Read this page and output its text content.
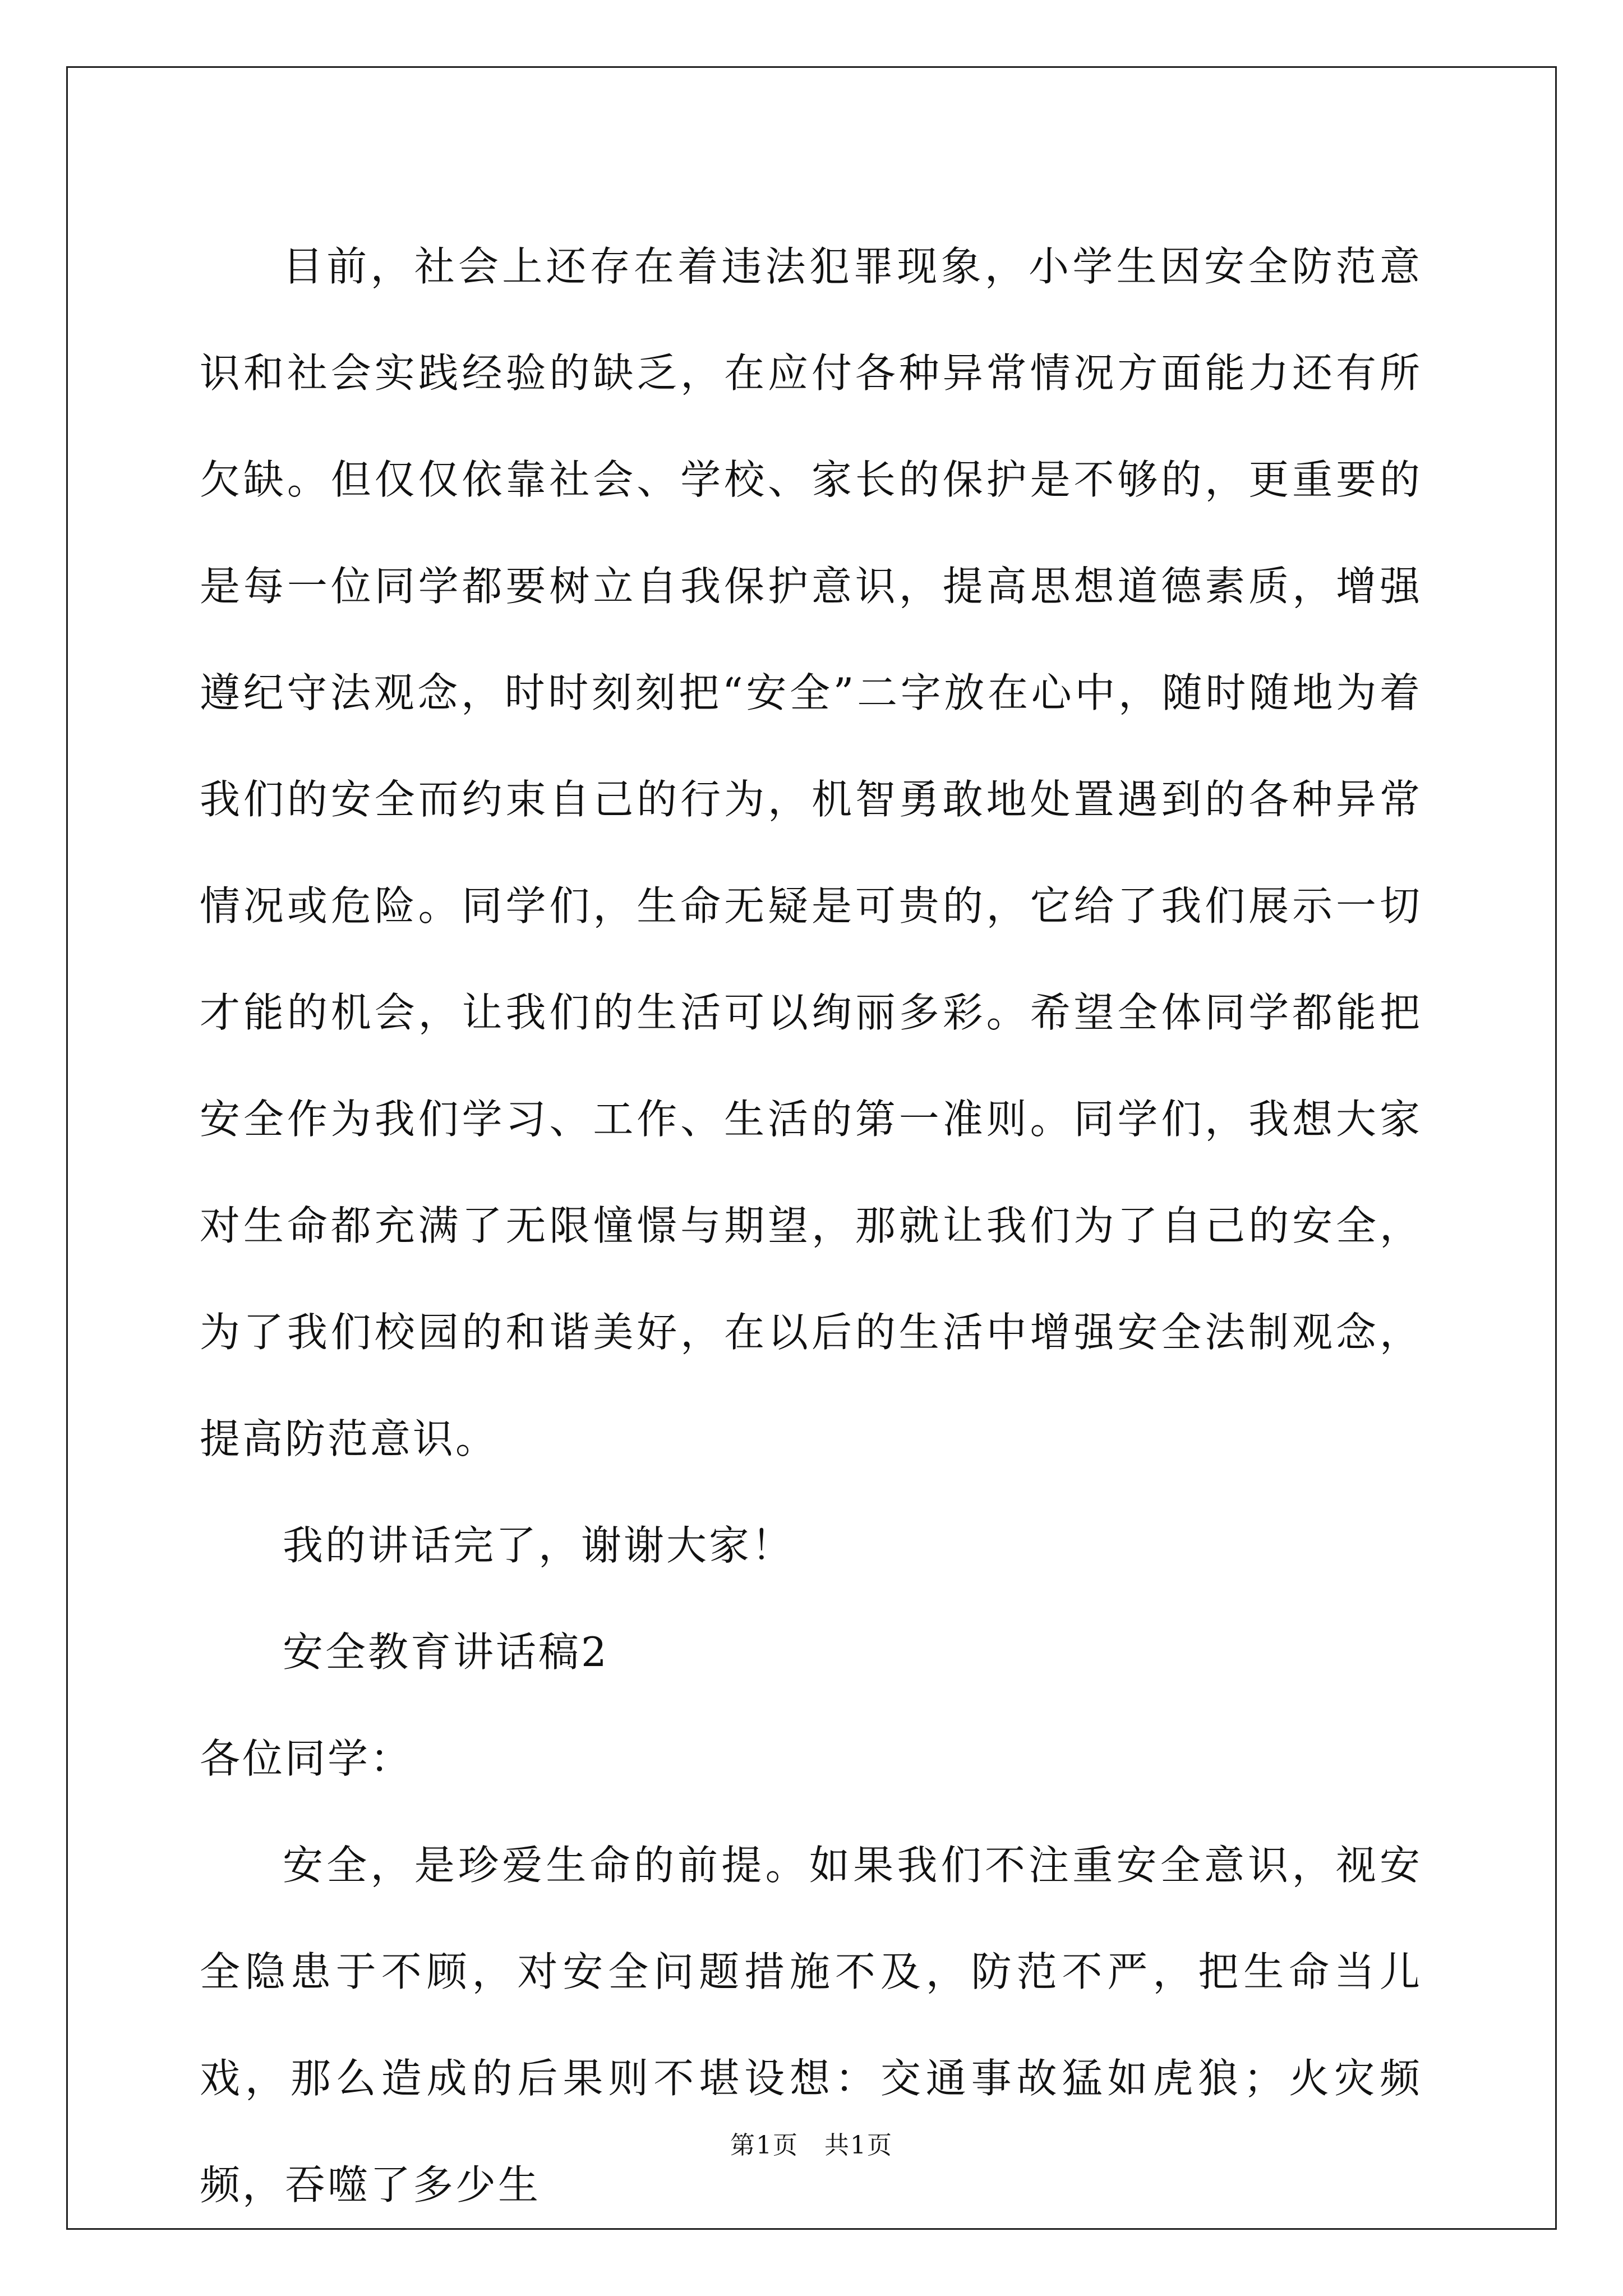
目前，社会上还存在着违法犯罪现象，小学生因安全防范意识和社会实践经验的缺乏，在应付各种异常情况方面能力还有所欠缺。但仅仅依靠社会、学校、家长的保护是不够的，更重要的是每一位同学都要树立自我保护意识，提高思想道德素质，增强遵纪守法观念，时时刻刻把“安全”二字放在心中，随时随地为着我们的安全而约束自己的行为，机智勇敢地处置遇到的各种异常情况或危险。同学们，生命无疑是可贵的，它给了我们展示一切才能的机会，让我们的生活可以绚丽多彩。希望全体同学都能把安全作为我们学习、工作、生活的第一准则。同学们，我想大家对生命都充满了无限憧憬与期望，那就让我们为了自己的安全，为了我们校园的和谐美好，在以后的生活中增强安全法制观念，提高防范意识。

我的讲话完了，谢谢大家！

安全教育讲话稿2

各位同学：

安全，是珍爱生命的前提。如果我们不注重安全意识，视安全隐患于不顾，对安全问题措施不及，防范不严，把生命当儿戏，那么造成的后果则不堪设想：交通事故猛如虎狼；火灾频频，吞噬了多少生

第1页　共1页
